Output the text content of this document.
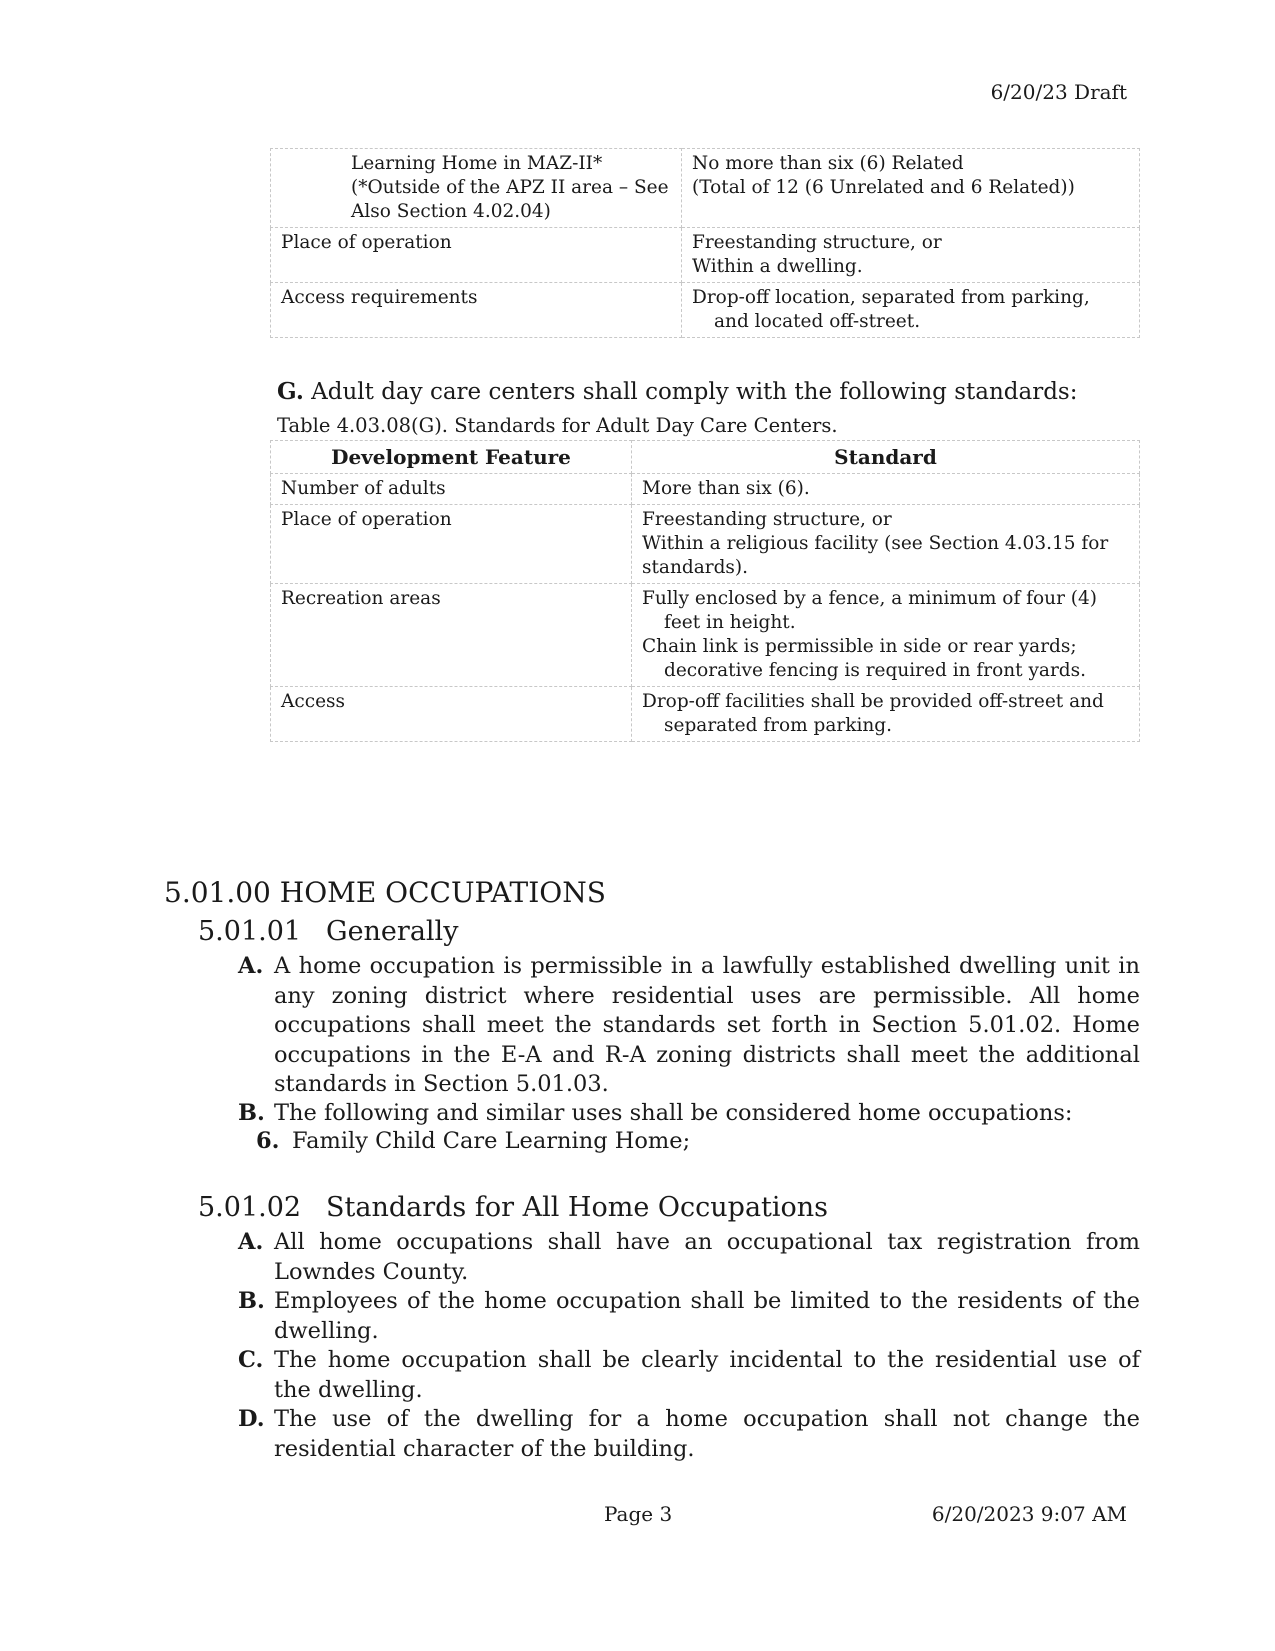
6/20/23 Draft
Learning Home in MAZ-II* (*Outside of the APZ II area – See Also Section 4.02.04)	No more than six (6) Related
(Total of 12 (6 Unrelated and 6 Related))

Place of operation	Freestanding structure, or
Within a dwelling.

Access requirements	Drop-off location, separated from parking, and located off-street.
G. Adult day care centers shall comply with the following standards:
Table 4.03.08(G). Standards for Adult Day Care Centers.
Development Feature	Standard
Number of adults	More than six (6).

Place of operation	Freestanding structure, or
Within a religious facility (see Section 4.03.15 for standards).

Recreation areas	Fully enclosed by a fence, a minimum of four (4) feet in height.
Chain link is permissible in side or rear yards; decorative fencing is required in front yards.

Access	Drop-off facilities shall be provided off-street and separated from parking.
5.01.00 HOME OCCUPATIONS
5.01.01 Generally
A. A home occupation is permissible in a lawfully established dwelling unit in any zoning district where residential uses are permissible. All home occupations shall meet the standards set forth in Section 5.01.02. Home occupations in the E-A and R-A zoning districts shall meet the additional standards in Section 5.01.03.
B. The following and similar uses shall be considered home occupations:
6. Family Child Care Learning Home;
5.01.02 Standards for All Home Occupations
A. All home occupations shall have an occupational tax registration from Lowndes County.
B. Employees of the home occupation shall be limited to the residents of the dwelling.
C. The home occupation shall be clearly incidental to the residential use of the dwelling.
D. The use of the dwelling for a home occupation shall not change the residential character of the building.
Page 3	6/20/2023 9:07 AM
